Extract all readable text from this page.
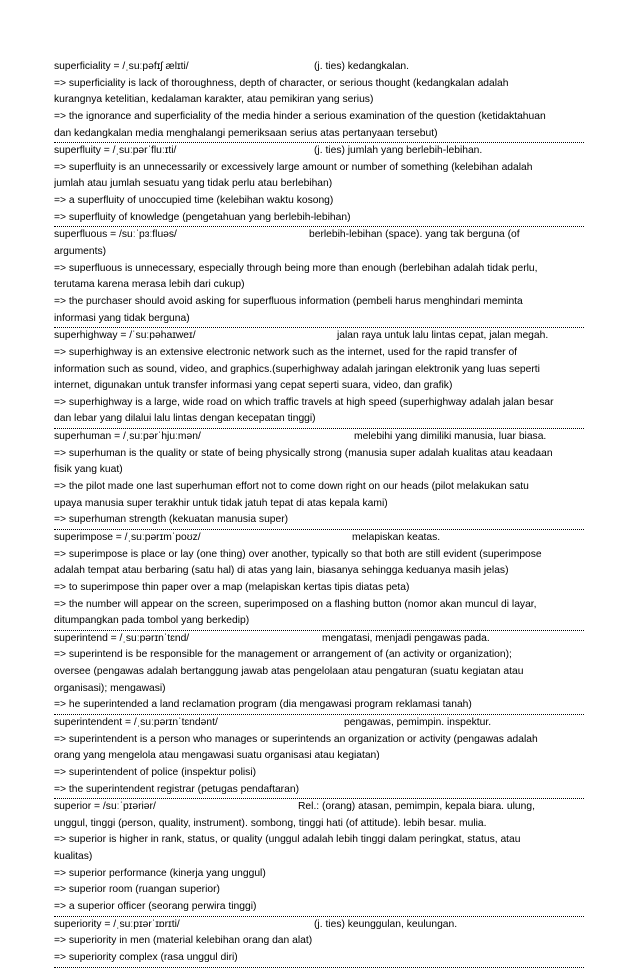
superficiality = /ˌsuːpəfɪʃ ælɪti/	(j. ties) kedangkalan.
=> superficiality is lack of thoroughness, depth of character, or serious thought (kedangkalan adalah
kurangnya ketelitian, kedalaman karakter, atau pemikiran yang serius)
=> the ignorance and superficiality of the media hinder a serious examination of the question (ketidaktahuan
dan kedangkalan media menghalangi pemeriksaan serius atas pertanyaan tersebut)
superfluity = /ˌsuːpərˈfluːɪti/	(j. ties) jumlah yang berlebih-lebihan.
=> superfluity is an unnecessarily or excessively large amount or number of something (kelebihan adalah
jumlah atau jumlah sesuatu yang tidak perlu atau berlebihan)
=> a superfluity of unoccupied time (kelebihan waktu kosong)
=> superfluity of knowledge (pengetahuan yang berlebih-lebihan)
superfluous = /suːˈpɜːfluəs/	berlebih-lebihan (space). yang tak berguna (of
arguments)
=> superfluous is unnecessary, especially through being more than enough (berlebihan adalah tidak perlu,
terutama karena merasa lebih dari cukup)
=> the purchaser should avoid asking for superfluous information (pembeli harus menghindari meminta
informasi yang tidak berguna)
superhighway = /ˈsuːpəhaɪweɪ/	jalan raya untuk lalu lintas cepat, jalan megah.
=> superhighway is an extensive electronic network such as the internet, used for the rapid transfer of
information such as sound, video, and graphics.(superhighway adalah jaringan elektronik yang luas seperti
internet, digunakan untuk transfer informasi yang cepat seperti suara, video, dan grafik)
=> superhighway is a large, wide road on which traffic travels at high speed (superhighway adalah jalan besar
dan lebar yang dilalui lalu lintas dengan kecepatan tinggi)
superhuman = /ˌsuːpərˈhjuːmən/	melebihi yang dimiliki manusia, luar biasa.
=> superhuman is the quality or state of being physically strong (manusia super adalah kualitas atau keadaan
fisik yang kuat)
=> the pilot made one last superhuman effort not to come down right on our heads (pilot melakukan satu
upaya manusia super terakhir untuk tidak jatuh tepat di atas kepala kami)
=> superhuman strength (kekuatan manusia super)
superimpose = /ˌsuːpərɪmˈpoʊz/	melapiskan keatas.
=> superimpose is place or lay (one thing) over another, typically so that both are still evident (superimpose
adalah tempat atau berbaring (satu hal) di atas yang lain, biasanya sehingga keduanya masih jelas)
=> to superimpose thin paper over a map (melapiskan kertas tipis diatas peta)
=> the number will appear on the screen, superimposed on a flashing button (nomor akan muncul di layar,
ditumpangkan pada tombol yang berkedip)
superintend = /ˌsuːpərɪnˈtɛnd/	mengatasi, menjadi pengawas pada.
=> superintend is be responsible for the management or arrangement of (an activity or organization);
oversee (pengawas adalah bertanggung jawab atas pengelolaan atau pengaturan (suatu kegiatan atau
organisasi); mengawasi)
=> he superintended a land reclamation program (dia mengawasi program reklamasi tanah)
superintendent = /ˌsuːpərɪnˈtɛndənt/	pengawas, pemimpin. inspektur.
=> superintendent is a person who manages or superintends an organization or activity (pengawas adalah
orang yang mengelola atau mengawasi suatu organisasi atau kegiatan)
=> superintendent of police (inspektur polisi)
=> the superintendent registrar (petugas pendaftaran)
superior = /suːˈpɪəriər/	Rel.: (orang) atasan, pemimpin, kepala biara. ulung,
unggul, tinggi (person, quality, instrument). sombong, tinggi hati (of attitude). lebih besar. mulia.
=> superior is higher in rank, status, or quality (unggul adalah lebih tinggi dalam peringkat, status, atau
kualitas)
=> superior performance (kinerja yang unggul)
=> superior room (ruangan superior)
=> a superior officer (seorang perwira tinggi)
superiority = /ˌsuːpɪərˈɪɒrɪti/	(j. ties) keunggulan, keulungan.
=> superiority in men (material kelebihan orang dan alat)
=> superiority complex (rasa unggul diri)
